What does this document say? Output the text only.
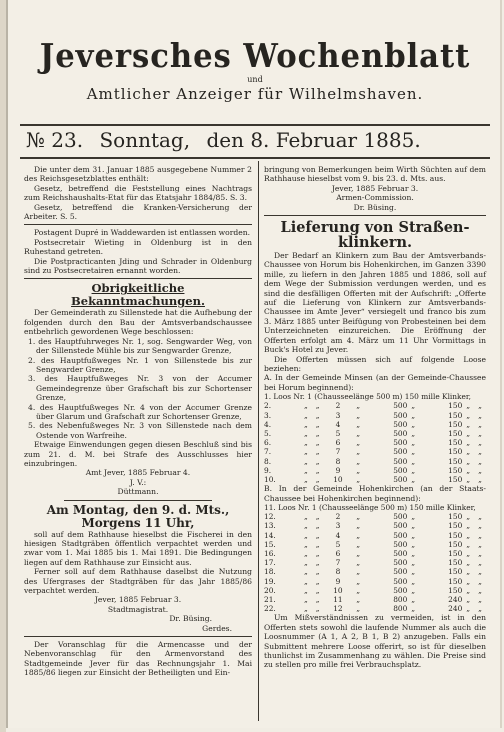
Jeversches Wochenblatt
und
Amtlicher Anzeiger für Wilhelmshaven.
№ 23. Sonntag, den 8. Februar 1885.

Die unter dem 31. Januar 1885 ausgegebene Nummer 2 des Reichsgesetzblattes enthält:

Gesetz, betreffend die Feststellung eines Nachtrags zum Reichshaushalts-Etat für das Etatsjahr 1884/85. S. 3.

Gesetz, betreffend die Kranken-Versicherung der Arbeiter. S. 5.

Postagent Dupré in Waddewarden ist entlassen worden.

Postsecretair Wieting in Oldenburg ist in den Ruhestand getreten.

Die Postpracticanten Jding und Schrader in Oldenburg sind zu Postsecretairen ernannt worden.

Obrigkeitliche Bekanntmachungen.

Der Gemeinderath zu Sillenstede hat die Aufhebung der folgenden durch den Bau der Amtsverbandschaussee entbehrlich gewordenen Wege beschlossen:

1. des Hauptfuhrweges Nr. 1, sog. Sengwarder Weg, von der Sillenstede Mühle bis zur Sengwarder Grenze,

2. des Hauptfußweges Nr. 1 von Sillenstede bis zur Sengwarder Grenze,

3. des Hauptfußweges Nr. 3 von der Accumer Gemeindegrenze über Grafschaft bis zur Schortenser Grenze,

4. des Hauptfußweges Nr. 4 von der Accumer Grenze über Glarum und Grafschaft zur Schortenser Grenze,

5. des Nebenfußweges Nr. 3 von Sillenstede nach dem Ostende von Warfreihe.

Etwaige Einwendungen gegen diesen Beschluß sind bis zum 21. d. M. bei Strafe des Ausschlusses hier einzubringen.

Amt Jever, 1885 Februar 4.

J. V.:

Düttmann.

Am Montag, den 9. d. Mts.,

Morgens 11 Uhr,

soll auf dem Rathhause hieselbst die Fischerei in den hiesigen Stadtgräben öffentlich verpachtet werden und zwar vom 1. Mai 1885 bis 1. Mai 1891. Die Bedingungen liegen auf dem Rathhause zur Einsicht aus.

Ferner soll auf dem Rathhause daselbst die Nutzung des Ufergrases der Stadtgräben für das Jahr 1885/86 verpachtet werden.

Jever, 1885 Februar 3.

Stadtmagistrat.

Dr. Büsing.

Gerdes.

Der Voranschlag für die Armencasse und der Nebenvoranschlag für den Armenvorstand des Stadtgemeinde Jever für das Rechnungsjahr 1. Mai 1885/86 liegen zur Einsicht der Betheiligten und Ein-

bringung von Bemerkungen beim Wirth Süchten auf dem Rathhause hieselbst vom 9. bis 23. d. Mts. aus.

Jever, 1885 Februar 3.

Armen-Commission.

Dr. Büsing.

Lieferung von Straßen-

klinkern.

Der Bedarf an Klinkern zum Bau der Amtsverbands-Chaussee von Horum bis Hohenkirchen, im Ganzen 3390 mille, zu liefern in den Jahren 1885 und 1886, soll auf dem Wege der Submission verdungen werden, und es sind die desfälligen Offerten mit der Aufschrift: „Offerte auf die Lieferung von Klinkern zur Amtsverbands-Chaussee im Amte Jever“ versiegelt und franco bis zum 3. März 1885 unter Beifügung von Probesteinen bei dem Unterzeichneten einzureichen. Die Eröffnung der Offerten erfolgt am 4. März um 11 Uhr Vormittags in Buck's Hotel zu Jever.

Die Offerten müssen sich auf folgende Loose beziehen:

A. In der Gemeinde Minsen (an der Gemeinde-Chaussee bei Horum beginnend):

1. Loos Nr. 1 (Chausseelänge 500 m) 150 mille Klinker,									
2.	„	„	2	„	500	„	150	„	„
3.	„	„	3	„	500	„	150	„	„
4.	„	„	4	„	500	„	150	„	„
5.	„	„	5	„	500	„	150	„	„
6.	„	„	6	„	500	„	150	„	„
7.	„	„	7	„	500	„	150	„	„
8.	„	„	8	„	500	„	150	„	„
9.	„	„	9	„	500	„	150	„	„
10.	„	„	10	„	500	„	150	„	„

B. In der Gemeinde Hohenkirchen (an der Staats-Chaussee bei Hohenkirchen beginnend):

11. Loos Nr. 1 (Chausseelänge 500 m) 150 mille Klinker,									
12.	„	„	2	„	500	„	150	„	„
13.	„	„	3	„	500	„	150	„	„
14.	„	„	4	„	500	„	150	„	„
15.	„	„	5	„	500	„	150	„	„
16.	„	„	6	„	500	„	150	„	„
17.	„	„	7	„	500	„	150	„	„
18.	„	„	8	„	500	„	150	„	„
19.	„	„	9	„	500	„	150	„	„
20.	„	„	10	„	500	„	150	„	„
21.	„	„	11	„	800	„	240	„	„
22.	„	„	12	„	800	„	240	„	„

Um Mißverständnissen zu vermeiden, ist in den Offerten stets sowohl die laufende Nummer als auch die Loosnummer (A 1, A 2, B 1, B 2) anzugeben. Falls ein Submittent mehrere Loose offerirt, so ist für dieselben thunlichst im Zusammenhang zu wählen. Die Preise sind zu stellen pro mille frei Verbrauchsplatz.
